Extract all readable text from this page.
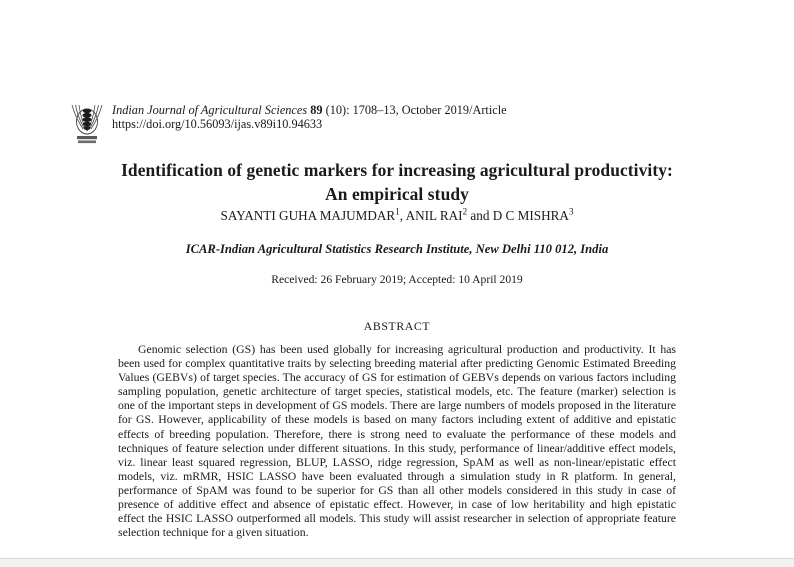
Indian Journal of Agricultural Sciences 89 (10): 1708–13, October 2019/Article
https://doi.org/10.56093/ijas.v89i10.94633
Identification of genetic markers for increasing agricultural productivity: An empirical study
SAYANTI GUHA MAJUMDAR$^1$, ANIL RAI$^2$ and D C MISHRA$^3$
ICAR-Indian Agricultural Statistics Research Institute, New Delhi 110 012, India
Received: 26 February 2019; Accepted: 10 April 2019
ABSTRACT
Genomic selection (GS) has been used globally for increasing agricultural production and productivity. It has been used for complex quantitative traits by selecting breeding material after predicting Genomic Estimated Breeding Values (GEBVs) of target species. The accuracy of GS for estimation of GEBVs depends on various factors including sampling population, genetic architecture of target species, statistical models, etc. The feature (marker) selection is one of the important steps in development of GS models. There are large numbers of models proposed in the literature for GS. However, applicability of these models is based on many factors including extent of additive and epistatic effects of breeding population. Therefore, there is strong need to evaluate the performance of these models and techniques of feature selection under different situations. In this study, performance of linear/additive effect models, viz. linear least squared regression, BLUP, LASSO, ridge regression, SpAM as well as non-linear/epistatic effect models, viz. mRMR, HSIC LASSO have been evaluated through a simulation study in R platform. In general, performance of SpAM was found to be superior for GS than all other models considered in this study in case of presence of additive effect and absence of epistatic effect. However, in case of low heritability and high epistatic effect the HSIC LASSO outperformed all models. This study will assist researcher in selection of appropriate feature selection technique for a given situation.
